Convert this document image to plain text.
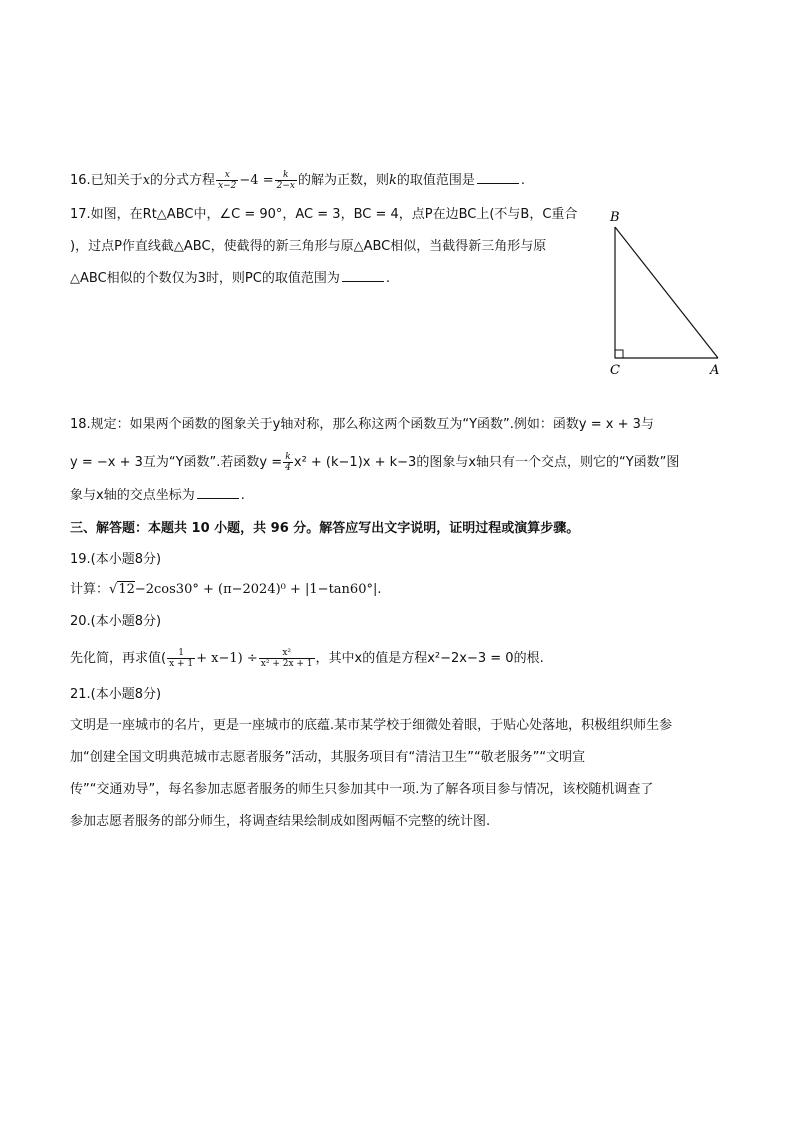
16.已知关于x的分式方程 $\frac{x}{x-2} -4 = \frac{k}{2-x}$ 的解为正数，则k的取值范围是	.
17.如图，在Rt△ABC中，∠C = 90°，AC = 3，BC = 4，点P在边BC上(不与B，C重合
)，过点P作直线截△ABC，使截得的新三角形与原△ABC相似，当截得新三角形与原
△ABC相似的个数仅为3时，则PC的取值范围为	.
B
C	A
18.规定：如果两个函数的图象关于y轴对称，那么称这两个函数互为“Y函数”.例如：函数y = x + 3与
y = −x + 3互为“Y函数”.若函数$y = \frac{k}{4} x^2 + (k-1)x + k-3$的图象与x轴只有一个交点，则它的“Y函数”图
象与x轴的交点坐标为	.
三、解答题：本题共 10 小题，共 96 分。解答应写出文字说明，证明过程或演算步骤。
19.(本小题8分)
计算：√12−2cos30° + (π−2024)⁰ + |1−tan60°|.
20.(本小题8分)
先化简，再求值( $\frac{1}{x + 1} + x-1) \div \frac{\text{x²}}{\text{x² + 2x + 1}}$ ，其中x的值是方程x²−2x−3 = 0的根.
21.(本小题8分)
文明是一座城市的名片，更是一座城市的底蕴.某市某学校于细微处着眼，于贴心处落地，积极组织师生参
加“创建全国文明典范城市志愿者服务”活动，其服务项目有“清洁卫生”“敬老服务”“文明宣
传”“交通劝导”，每名参加志愿者服务的师生只参加其中一项.为了解各项目参与情况，该校随机调查了
参加志愿者服务的部分师生，将调查结果绘制成如图两幅不完整的统计图.
